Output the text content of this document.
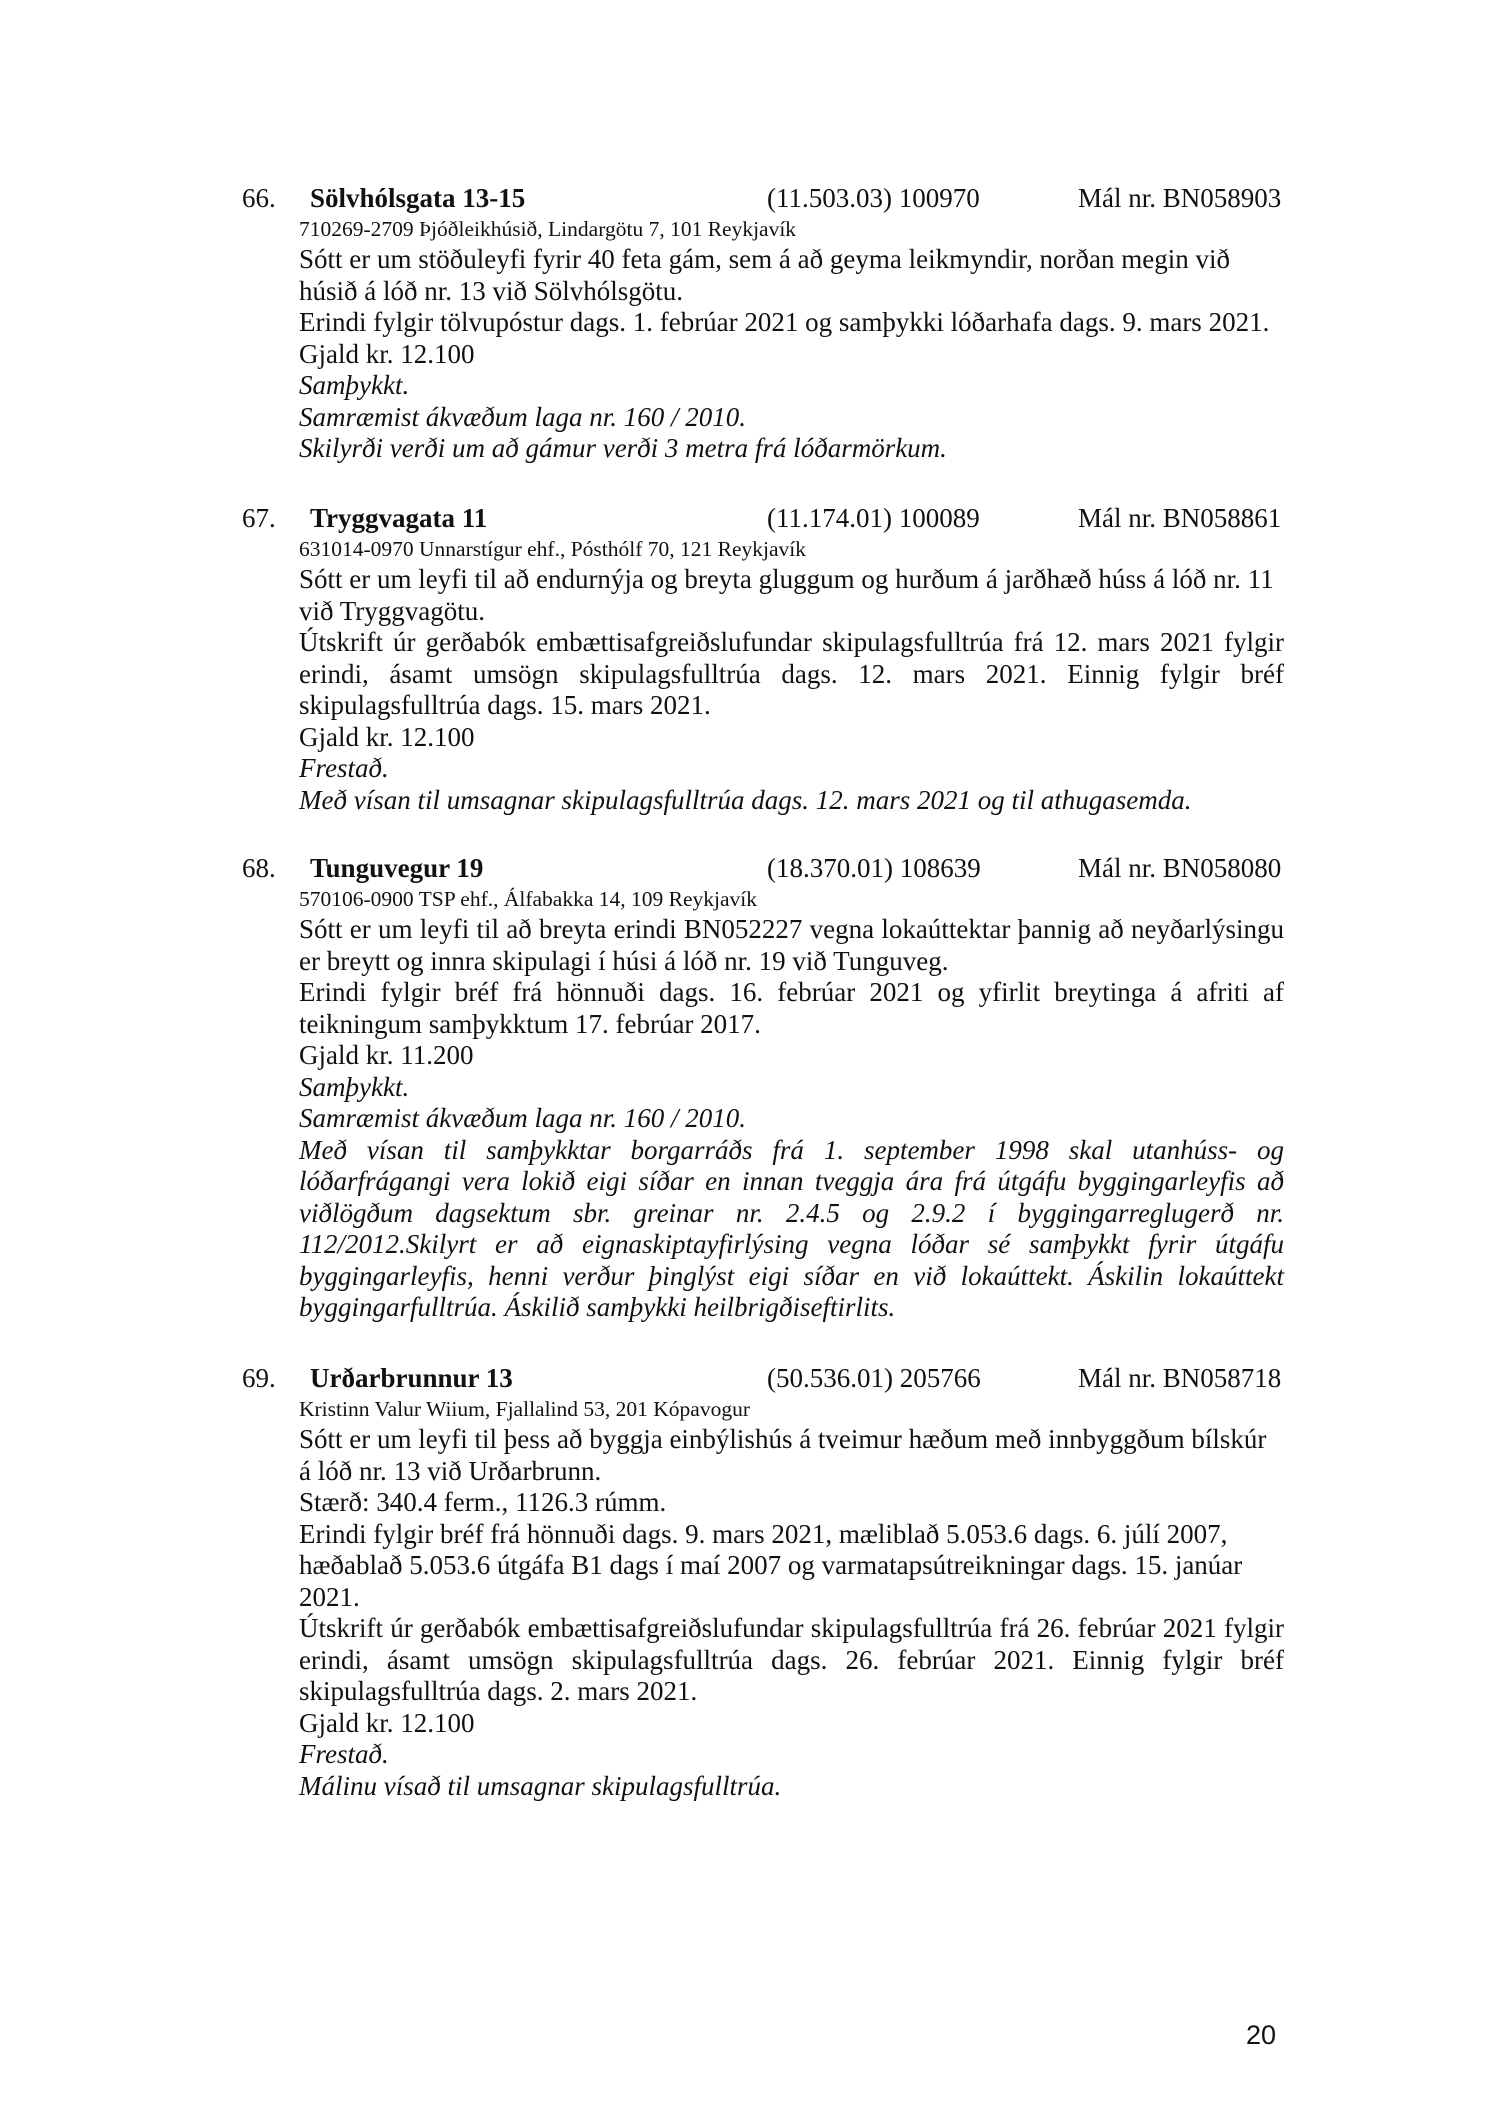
66. Sölvhólsgata 13-15	(11.503.03) 100970	Mál nr. BN058903
710269-2709 Þjóðleikhúsið, Lindargötu 7, 101 Reykjavík

Sótt er um stöðuleyfi fyrir 40 feta gám, sem á að geyma leikmyndir, norðan megin við húsið á lóð nr. 13 við Sölvhólsgötu.

Erindi fylgir tölvupóstur dags. 1. febrúar 2021 og samþykki lóðarhafa dags. 9. mars 2021.

Gjald kr. 12.100

Samþykkt.

Samræmist ákvæðum laga nr. 160 / 2010.

Skilyrði verði um að gámur verði 3 metra frá lóðarmörkum.

67. Tryggvagata 11	(11.174.01) 100089	Mál nr. BN058861
631014-0970 Unnarstígur ehf., Pósthólf 70, 121 Reykjavík

Sótt er um leyfi til að endurnýja og breyta gluggum og hurðum á jarðhæð húss á lóð nr. 11 við Tryggvagötu.

Útskrift úr gerðabók embættisafgreiðslufundar skipulagsfulltrúa frá 12. mars 2021 fylgir erindi, ásamt umsögn skipulagsfulltrúa dags. 12. mars 2021. Einnig fylgir bréf skipulagsfulltrúa dags. 15. mars 2021.

Gjald kr. 12.100

Frestað.

Með vísan til umsagnar skipulagsfulltrúa dags. 12. mars 2021 og til athugasemda.

68. Tunguvegur 19	(18.370.01) 108639	Mál nr. BN058080
570106-0900 TSP ehf., Álfabakka 14, 109 Reykjavík

Sótt er um leyfi til að breyta erindi BN052227 vegna lokaúttektar þannig að neyðarlýsingu er breytt og innra skipulagi í húsi á lóð nr. 19 við Tunguveg.

Erindi fylgir bréf frá hönnuði dags. 16. febrúar 2021 og yfirlit breytinga á afriti af teikningum samþykktum 17. febrúar 2017.

Gjald kr. 11.200

Samþykkt.

Samræmist ákvæðum laga nr. 160 / 2010.

Með vísan til samþykktar borgarráðs frá 1. september 1998 skal utanhúss- og lóðarfrágangi vera lokið eigi síðar en innan tveggja ára frá útgáfu byggingarleyfis að viðlögðum dagsektum sbr. greinar nr. 2.4.5 og 2.9.2 í byggingarreglugerð nr. 112/2012.Skilyrt er að eignaskiptayfirlýsing vegna lóðar sé samþykkt fyrir útgáfu byggingarleyfis, henni verður þinglýst eigi síðar en við lokaúttekt. Áskilin lokaúttekt byggingarfulltrúa. Áskilið samþykki heilbrigðiseftirlits.

69. Urðarbrunnur 13	(50.536.01) 205766	Mál nr. BN058718
Kristinn Valur Wiium, Fjallalind 53, 201 Kópavogur

Sótt er um leyfi til þess að byggja einbýlishús á tveimur hæðum með innbyggðum bílskúr á lóð nr. 13 við Urðarbrunn.

Stærð: 340.4 ferm., 1126.3 rúmm.

Erindi fylgir bréf frá hönnuði dags. 9. mars 2021, mæliblað 5.053.6 dags. 6. júlí 2007, hæðablað 5.053.6 útgáfa B1 dags í maí 2007 og varmatapsútreikningar dags. 15. janúar 2021.

Útskrift úr gerðabók embættisafgreiðslufundar skipulagsfulltrúa frá 26. febrúar 2021 fylgir erindi, ásamt umsögn skipulagsfulltrúa dags. 26. febrúar 2021. Einnig fylgir bréf skipulagsfulltrúa dags. 2. mars 2021.

Gjald kr. 12.100

Frestað.

Málinu vísað til umsagnar skipulagsfulltrúa.

20
